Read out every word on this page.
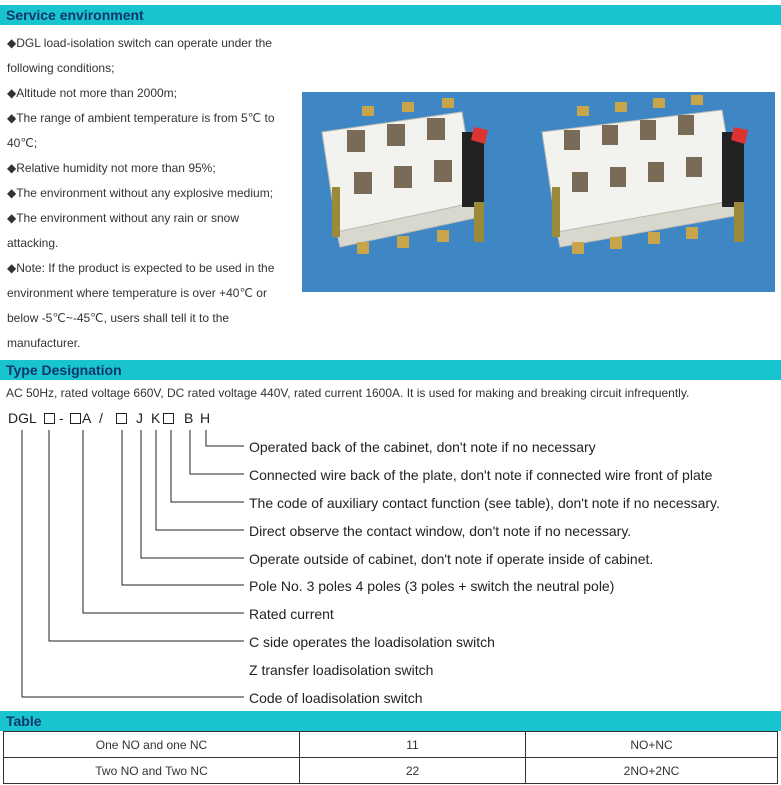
Service environment
◆DGL load-isolation switch can operate under the
following conditions;
◆Altitude not more than 2000m;
◆The range of ambient temperature is from 5℃ to
40℃;
◆Relative humidity not more than 95%;
◆The environment without any explosive medium;
◆The environment without any rain or snow
attacking.
◆Note: If the product is expected to be used in the
environment where temperature is over +40℃ or
below -5℃~-45℃, users shall tell it to the
manufacturer.
Type Designation
AC 50Hz, rated voltage 660V, DC rated voltage 440V, rated current 1600A. It is used for making and breaking circuit infrequently.
DGL - A / J K B H
Operated back of the cabinet, don't note if no necessary
Connected wire back of the plate, don't note if connected wire front of plate
The code of auxiliary contact function (see table), don't note if no necessary.
Direct observe the contact window, don't note if no necessary.
Operate outside of cabinet, don't note if operate inside of cabinet.
Pole No. 3 poles 4 poles (3 poles + switch the neutral pole)
Rated current
C side operates the loadisolation switch
Z transfer loadisolation switch
Code of loadisolation switch
Table
One NO and one NC	11	NO+NC
Two NO and Two NC	22	2NO+2NC
